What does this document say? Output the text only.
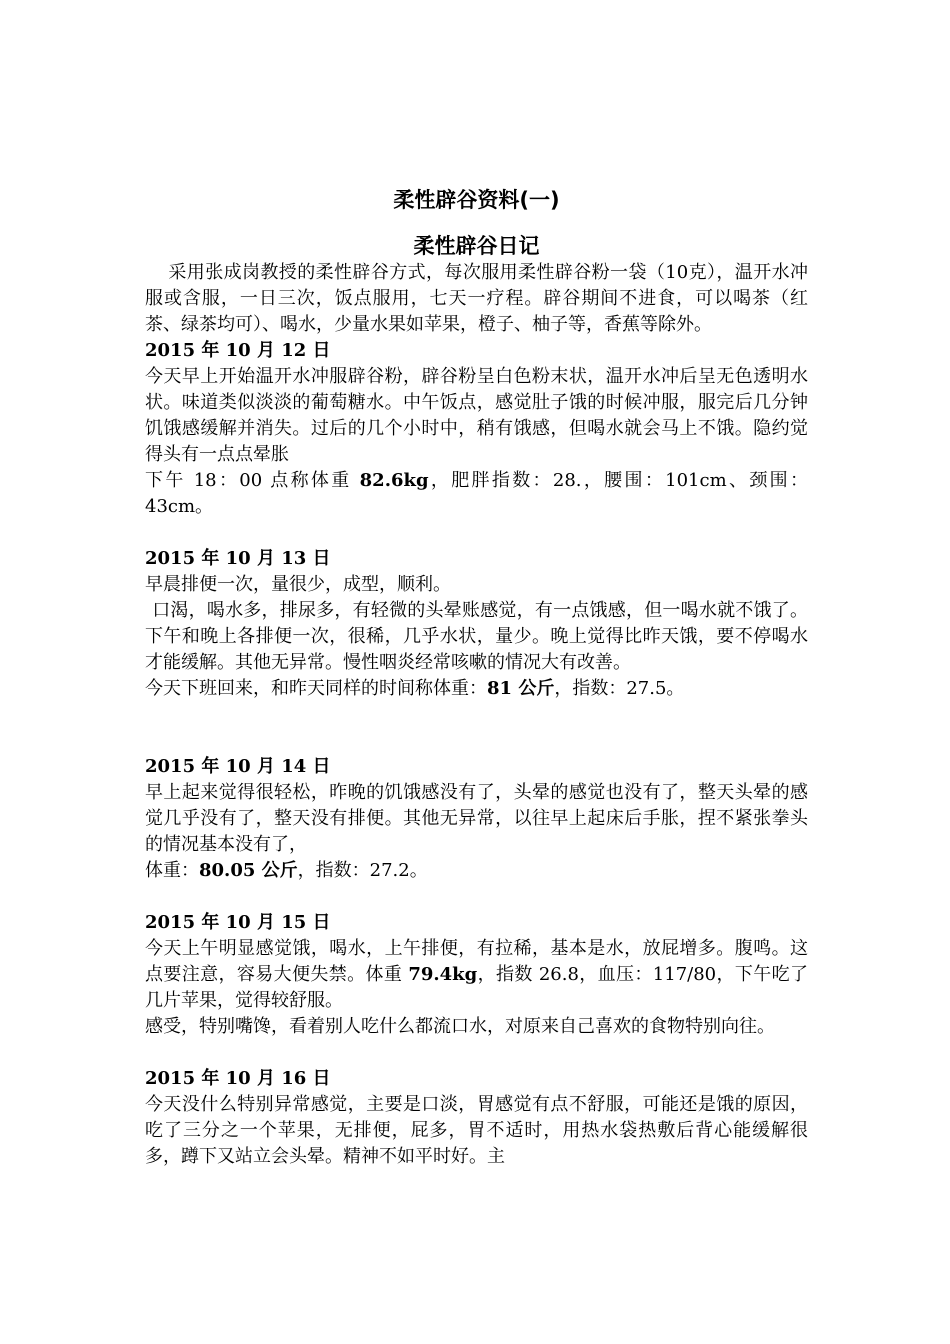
柔性辟谷资料(一)
柔性辟谷日记

采用张成岗教授的柔性辟谷方式，每次服用柔性辟谷粉一袋（10克），温开水冲服或含服，一日三次，饭点服用，七天一疗程。辟谷期间不进食，可以喝茶（红茶、绿茶均可）、喝水，少量水果如苹果，橙子、柚子等，香蕉等除外。

2015 年 10 月 12 日

今天早上开始温开水冲服辟谷粉，辟谷粉呈白色粉末状，温开水冲后呈无色透明水状。味道类似淡淡的葡萄糖水。中午饭点，感觉肚子饿的时候冲服，服完后几分钟饥饿感缓解并消失。过后的几个小时中，稍有饿感，但喝水就会马上不饿。隐约觉得头有一点点晕胀

下午 18：00 点称体重 82.6kg，肥胖指数：28.，腰围：101cm、颈围：43cm。

2015 年 10 月 13 日

早晨排便一次，量很少，成型，顺利。

口渴，喝水多，排尿多，有轻微的头晕账感觉，有一点饿感，但一喝水就不饿了。下午和晚上各排便一次，很稀，几乎水状，量少。晚上觉得比昨天饿，要不停喝水才能缓解。其他无异常。慢性咽炎经常咳嗽的情况大有改善。

今天下班回来，和昨天同样的时间称体重：81 公斤，指数：27.5。

2015 年 10 月 14 日

早上起来觉得很轻松，昨晚的饥饿感没有了，头晕的感觉也没有了，整天头晕的感觉几乎没有了，整天没有排便。其他无异常，以往早上起床后手胀，捏不紧张拳头的情况基本没有了，

体重：80.05 公斤，指数：27.2。

2015 年 10 月 15 日

今天上午明显感觉饿，喝水，上午排便，有拉稀，基本是水，放屁增多。腹鸣。这点要注意，容易大便失禁。体重 79.4kg，指数 26.8，血压：117/80，下午吃了几片苹果，觉得较舒服。

感受，特别嘴馋，看着别人吃什么都流口水，对原来自己喜欢的食物特别向往。

2015 年 10 月 16 日

今天没什么特别异常感觉，主要是口淡，胃感觉有点不舒服，可能还是饿的原因，吃了三分之一个苹果，无排便，屁多，胃不适时，用热水袋热敷后背心能缓解很多，蹲下又站立会头晕。精神不如平时好。主
